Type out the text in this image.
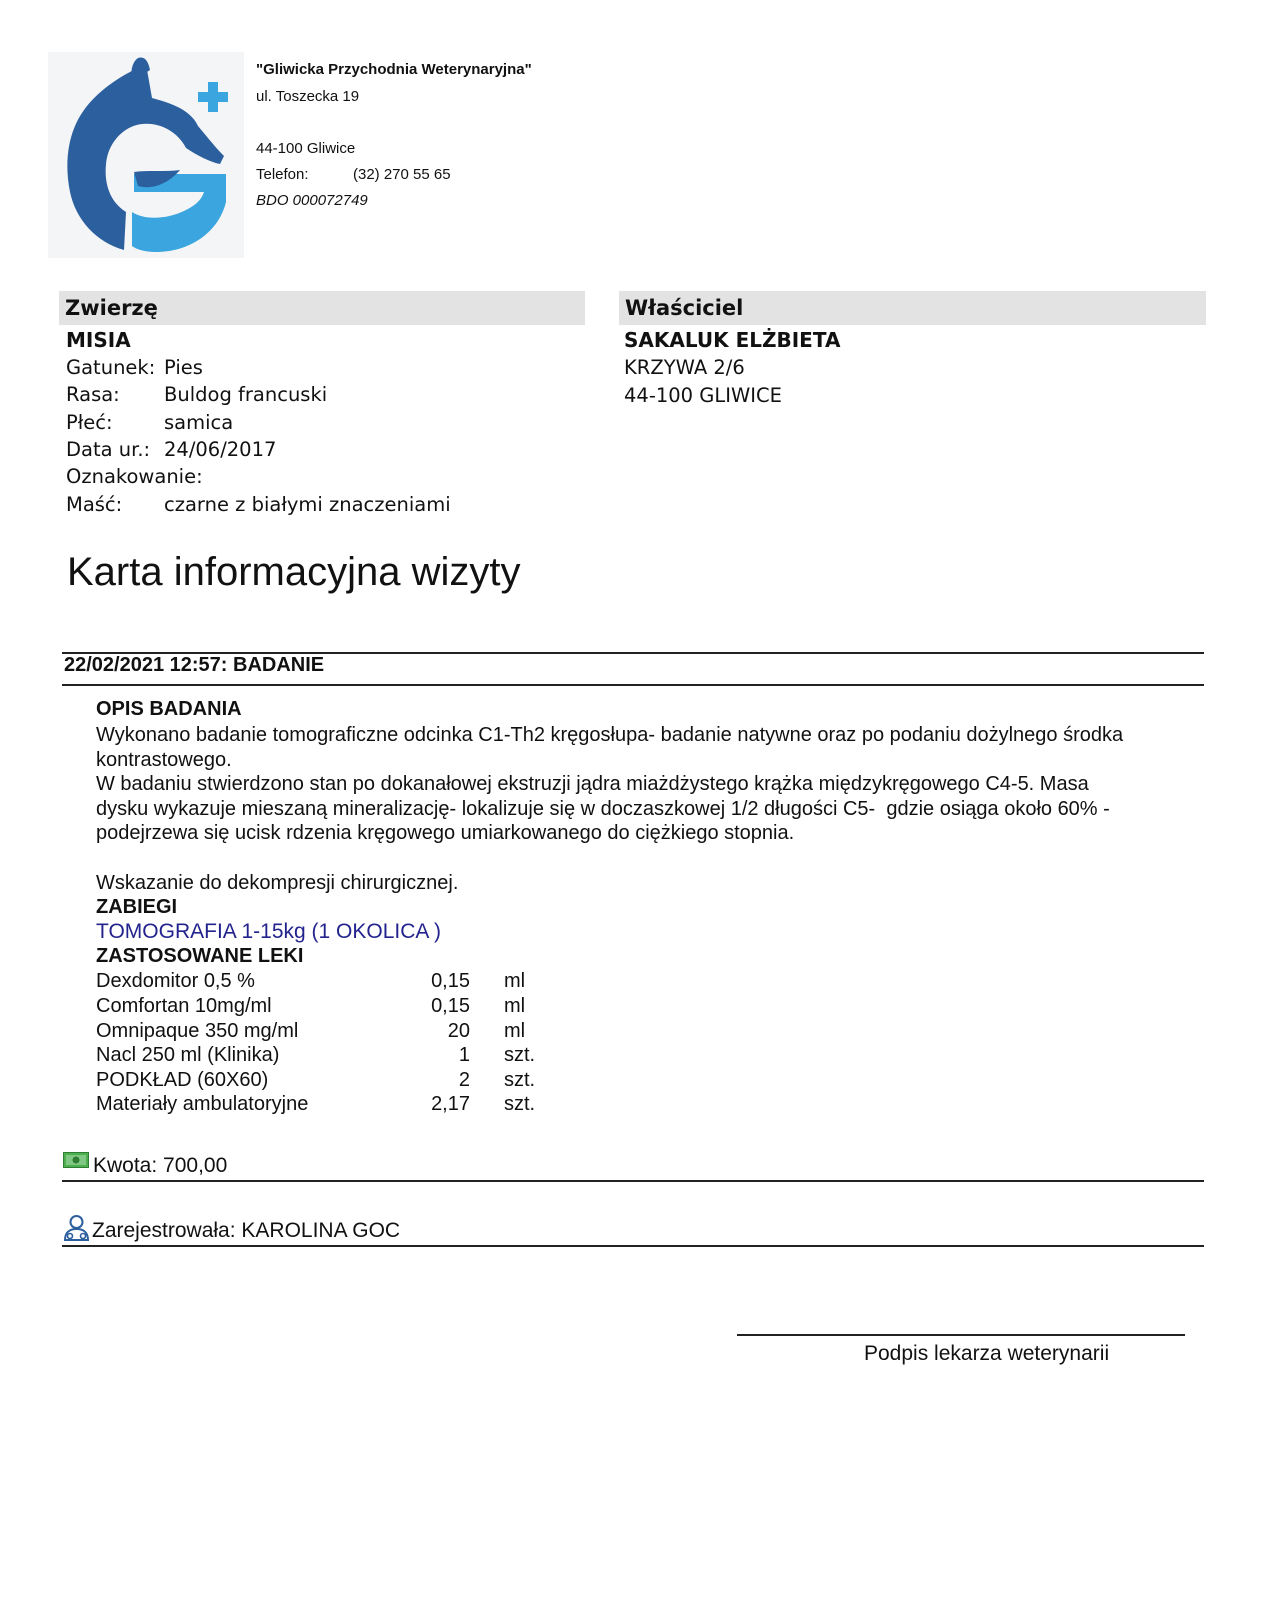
"Gliwicka Przychodnia Weterynaryjna"
ul. Toszecka 19
44-100 Gliwice
Telefon:	(32) 270 55 65
BDO 000072749
Zwierzę
MISIA
Gatunek: Pies
Rasa: Buldog francuski
Płeć:	samica
Data ur.: 24/06/2017
Oznakowanie:
Maść: czarne z białymi znaczeniami
Właściciel
SAKALUK ELŻBIETA
KRZYWA 2/6
44-100 GLIWICE
Karta informacyjna wizyty
22/02/2021 12:57: BADANIE
OPIS BADANIA
Wykonano badanie tomograficzne odcinka C1-Th2 kręgosłupa- badanie natywne oraz po podaniu dożylnego środka
kontrastowego.
W badaniu stwierdzono stan po dokanałowej ekstruzji jądra miażdżystego krążka międzykręgowego C4-5. Masa
dysku wykazuje mieszaną mineralizację- lokalizuje się w doczaszkowej 1/2 długości C5-  gdzie osiąga około 60% -
podejrzewa się ucisk rdzenia kręgowego umiarkowanego do ciężkiego stopnia.
Wskazanie do dekompresji chirurgicznej.
ZABIEGI
TOMOGRAFIA 1-15kg (1 OKOLICA )
ZASTOSOWANE LEKI
Dexdomitor 0,5 %	0,15 ml
Comfortan 10mg/ml	0,15 ml
Omnipaque 350 mg/ml	20 ml
Nacl 250 ml (Klinika)	1 szt.
PODKŁAD (60X60)	2 szt.
Materiały ambulatoryjne	2,17 szt.
Kwota: 700,00
Zarejestrowała: KAROLINA GOC
Podpis lekarza weterynarii
